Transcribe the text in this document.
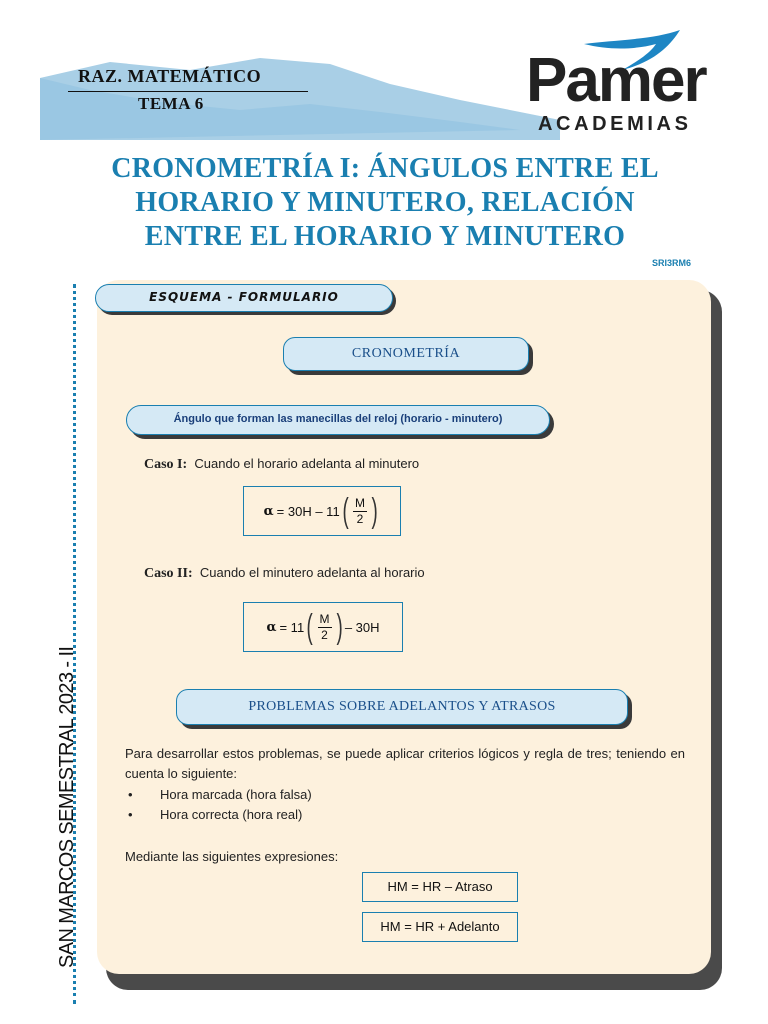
RAZ. MATEMÁTICO
TEMA 6	Pamer
ACADEMIAS
CRONOMETRÍA I: ÁNGULOS ENTRE EL
HORARIO Y MINUTERO, RELACIÓN
ENTRE EL HORARIO Y MINUTERO
SRI3RM6
SAN MARCOS SEMESTRAL 2023 - II
ESQUEMA - FORMULARIO
CRONOMETRÍA
Ángulo que forman las manecillas del reloj (horario - minutero)
Caso I: Cuando el horario adelanta al minutero
α = 30H – 11 ( $\frac{M}{2}$ )
Caso II: Cuando el minutero adelanta al horario
α = 11 ( $\frac{M}{2}$ ) – 30H
PROBLEMAS SOBRE ADELANTOS Y ATRASOS

Para desarrollar estos problemas, se puede aplicar criterios lógicos y regla de tres; teniendo en cuenta lo siguiente:

•	Hora marcada (hora falsa)
•	Hora correcta (hora real)

Mediante las siguientes expresiones:

HM = HR – Atraso
HM = HR + Adelanto
